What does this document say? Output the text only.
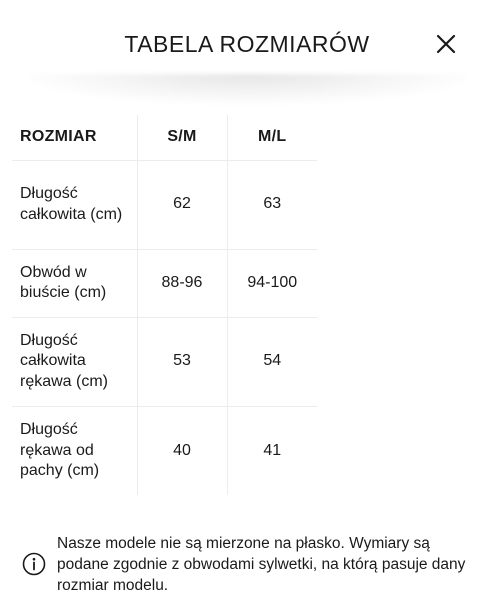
TABELA ROZMIARÓW
ROZMIAR	S/M	M/L
Długość całkowita (cm)	62	63
Obwód w biuście (cm)	88-96	94-100
Długość całkowita rękawa (cm)	53	54
Długość rękawa od pachy (cm)	40	41

Nasze modele nie są mierzone na płasko. Wymiary są podane zgodnie z obwodami sylwetki, na którą pasuje dany rozmiar modelu.
